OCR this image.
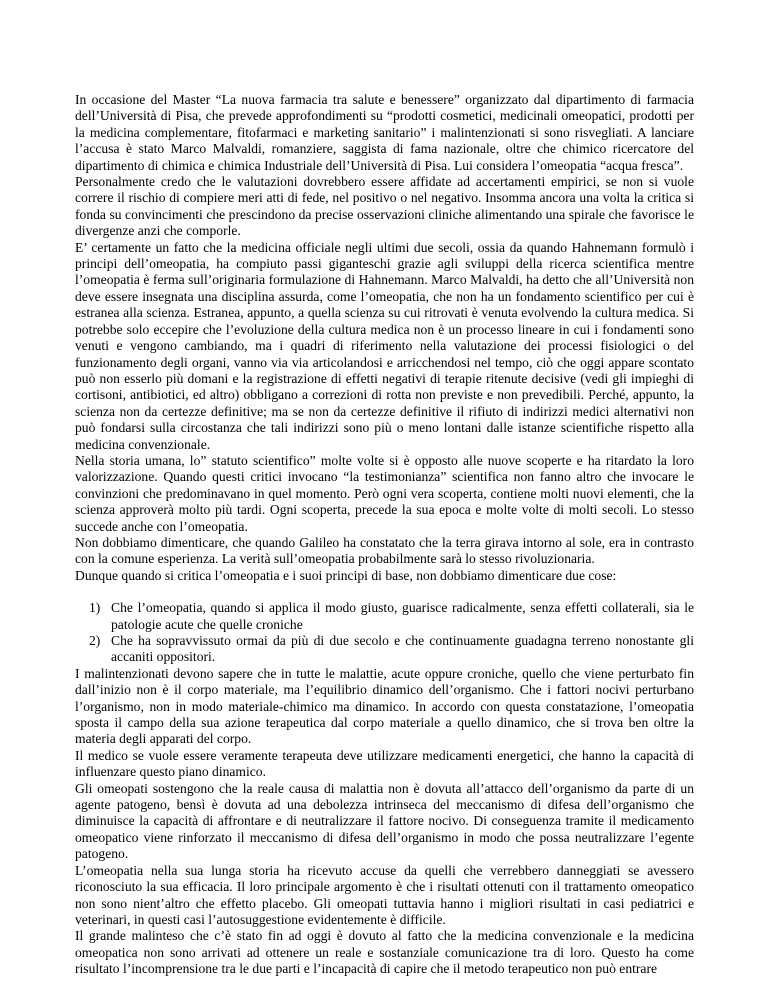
In occasione del Master “La nuova farmacia tra salute e benessere” organizzato dal dipartimento di farmacia dell’Università di Pisa, che prevede approfondimenti su “prodotti cosmetici, medicinali omeopatici, prodotti per la medicina complementare, fitofarmaci e marketing sanitario” i malintenzionati si sono risvegliati. A lanciare l’accusa è stato Marco Malvaldi, romanziere, saggista di fama nazionale, oltre che chimico ricercatore del dipartimento di chimica e chimica Industriale dell’Università di Pisa. Lui considera l’omeopatia “acqua fresca”.

Personalmente credo che le valutazioni dovrebbero essere affidate ad accertamenti empirici, se non si vuole correre il rischio di compiere meri atti di fede, nel positivo o nel negativo. Insomma ancora una volta la critica si fonda su convincimenti che prescindono da precise osservazioni cliniche alimentando una spirale che favorisce le divergenze anzi che comporle.

E’ certamente un fatto che la medicina officiale negli ultimi due secoli, ossia da quando Hahnemann formulò i principi dell’omeopatia, ha compiuto passi giganteschi grazie agli sviluppi della ricerca scientifica mentre l’omeopatia è ferma sull’originaria formulazione di Hahnemann. Marco Malvaldi, ha detto che all’Università non deve essere insegnata una disciplina assurda, come l’omeopatia, che non ha un fondamento scientifico per cui è estranea alla scienza. Estranea, appunto, a quella scienza su cui ritrovati è venuta evolvendo la cultura medica. Si potrebbe solo eccepire che l’evoluzione della cultura medica non è un processo lineare in cui i fondamenti sono venuti e vengono cambiando, ma i quadri di riferimento nella valutazione dei processi fisiologici o del funzionamento degli organi, vanno via via articolandosi e arricchendosi nel tempo, ciò che oggi appare scontato può non esserlo più domani e la registrazione di effetti negativi di terapie ritenute decisive (vedi gli impieghi di cortisoni, antibiotici, ed altro) obbligano a correzioni di rotta non previste e non prevedibili. Perché, appunto, la scienza non da certezze definitive; ma se non da certezze definitive il rifiuto di indirizzi medici alternativi non può fondarsi sulla circostanza che tali indirizzi sono più o meno lontani dalle istanze scientifiche rispetto alla medicina convenzionale.

Nella storia umana, lo” statuto scientifico” molte volte si è opposto alle nuove scoperte e ha ritardato la loro valorizzazione. Quando questi critici invocano “la testimonianza” scientifica non fanno altro che invocare le convinzioni che predominavano in quel momento. Però ogni vera scoperta, contiene molti nuovi elementi, che la scienza approverà molto più tardi. Ogni scoperta, precede la sua epoca e molte volte di molti secoli. Lo stesso succede anche con l’omeopatia.

Non dobbiamo dimenticare, che quando Galileo ha constatato che la terra girava intorno al sole, era in contrasto con la comune esperienza. La verità sull’omeopatia probabilmente sarà lo stesso rivoluzionaria.

Dunque quando si critica l’omeopatia e i suoi principi di base, non dobbiamo dimenticare due cose:

1) Che l’omeopatia, quando si applica il modo giusto, guarisce radicalmente, senza effetti collaterali, sia le patologie acute che quelle croniche
2) Che ha sopravvissuto ormai da più di due secolo e che continuamente guadagna terreno nonostante gli accaniti oppositori.

I malintenzionati devono sapere che in tutte le malattie, acute oppure croniche, quello che viene perturbato fin dall’inizio non è il corpo materiale, ma l’equilibrio dinamico dell’organismo. Che i fattori nocivi perturbano l’organismo, non in modo materiale-chimico ma dinamico. In accordo con questa constatazione, l’omeopatia sposta il campo della sua azione terapeutica dal corpo materiale a quello dinamico, che si trova ben oltre la materia degli apparati del corpo.

Il medico se vuole essere veramente terapeuta deve utilizzare medicamenti energetici, che hanno la capacità di influenzare questo piano dinamico.

Gli omeopati sostengono che la reale causa di malattia non è dovuta all’attacco dell’organismo da parte di un agente patogeno, bensì è dovuta ad una debolezza intrinseca del meccanismo di difesa dell’organismo che diminuisce la capacità di affrontare e di neutralizzare il fattore nocivo. Di conseguenza tramite il medicamento omeopatico viene rinforzato il meccanismo di difesa dell’organismo in modo che possa neutralizzare l’egente patogeno.

L’omeopatia nella sua lunga storia ha ricevuto accuse da quelli che verrebbero danneggiati se avessero riconosciuto la sua efficacia. Il loro principale argomento è che i risultati ottenuti con il trattamento omeopatico non sono nient’altro che effetto placebo. Gli omeopati tuttavia hanno i migliori risultati in casi pediatrici e veterinari, in questi casi l’autosuggestione evidentemente è difficile.

Il grande malinteso che c’è stato fin ad oggi è dovuto al fatto che la medicina convenzionale e la medicina omeopatica non sono arrivati ad ottenere un reale e sostanziale comunicazione tra di loro. Questo ha come risultato l’incomprensione tra le due parti e l’incapacità di capire che il metodo terapeutico non può entrare
